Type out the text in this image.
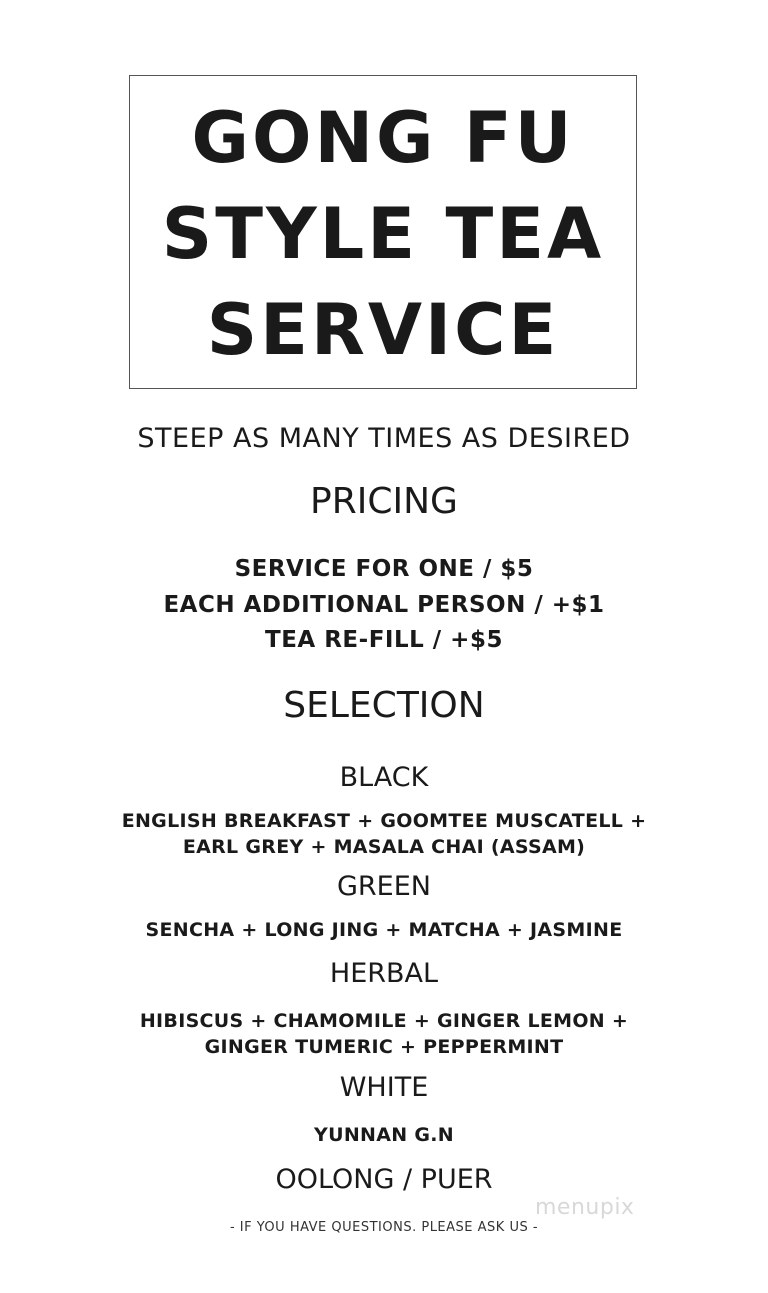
GONG FU
STYLE TEA
SERVICE
STEEP AS MANY TIMES AS DESIRED
PRICING
SERVICE FOR ONE / $5
EACH ADDITIONAL PERSON / +$1
TEA RE-FILL / +$5
SELECTION
BLACK
ENGLISH BREAKFAST + GOOMTEE MUSCATELL +
EARL GREY + MASALA CHAI (ASSAM)
GREEN
SENCHA + LONG JING + MATCHA + JASMINE
HERBAL
HIBISCUS + CHAMOMILE + GINGER LEMON +
GINGER TUMERIC + PEPPERMINT
WHITE
YUNNAN G.N
OOLONG / PUER
- IF YOU HAVE QUESTIONS. PLEASE ASK US -
menupix
